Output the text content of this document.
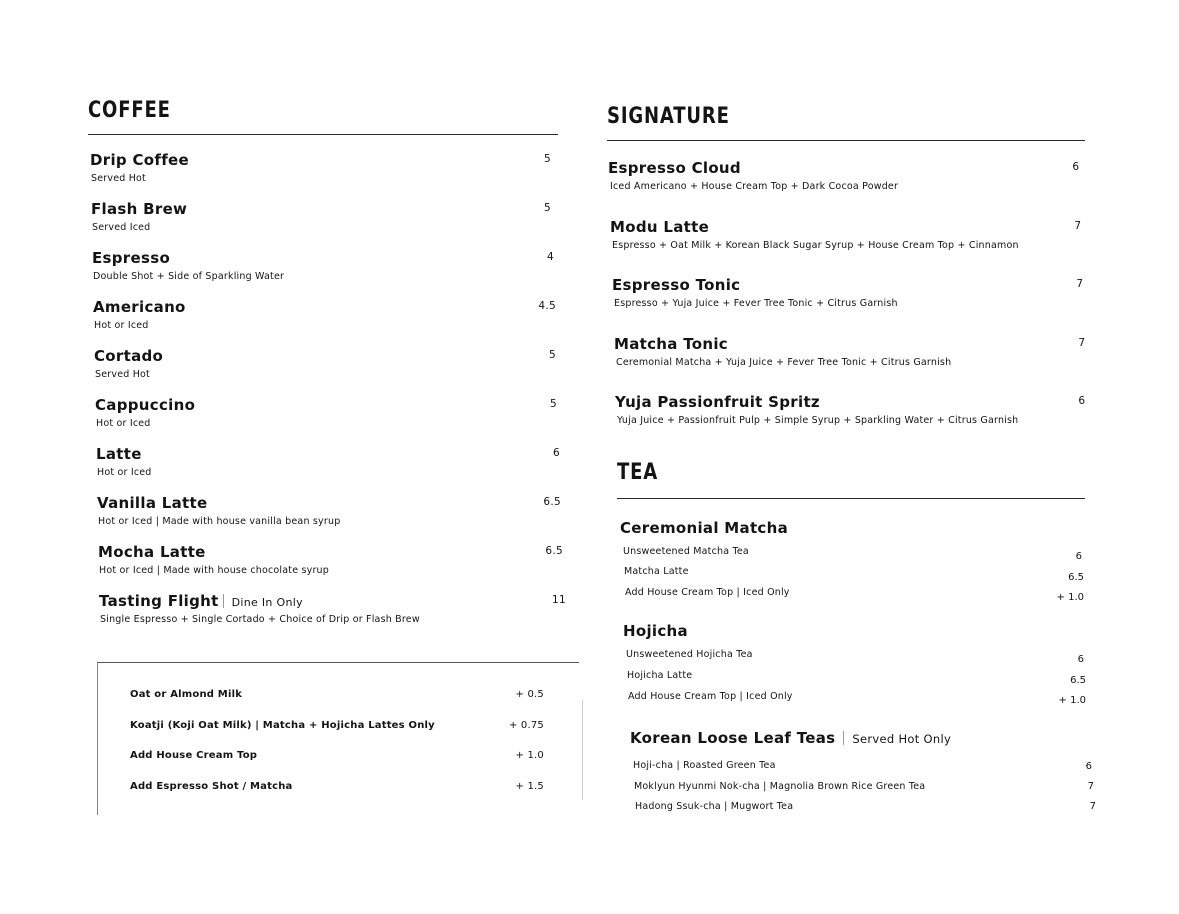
COFFEE
Drip Coffee
Served Hot
5
Flash Brew
Served Iced
5
Espresso
Double Shot + Side of Sparkling Water
4
Americano
Hot or Iced
4.5
Cortado
Served Hot
5
Cappuccino
Hot or Iced
5
Latte
Hot or Iced
6
Vanilla Latte
Hot or Iced | Made with house vanilla bean syrup
6.5
Mocha Latte
Hot or Iced | Made with house chocolate syrup
6.5
Tasting Flight Dine In Only
Single Espresso + Single Cortado + Choice of Drip or Flash Brew
11
Oat or Almond Milk	+ 0.5
Koatji (Koji Oat Milk) | Matcha + Hojicha Lattes Only	+ 0.75
Add House Cream Top	+ 1.0
Add Espresso Shot / Matcha	+ 1.5
SIGNATURE
Espresso Cloud
Iced Americano + House Cream Top + Dark Cocoa Powder
6
Modu Latte
Espresso + Oat Milk + Korean Black Sugar Syrup + House Cream Top + Cinnamon
7
Espresso Tonic
Espresso + Yuja Juice + Fever Tree Tonic + Citrus Garnish
7
Matcha Tonic
Ceremonial Matcha + Yuja Juice + Fever Tree Tonic + Citrus Garnish
7
Yuja Passionfruit Spritz
Yuja Juice + Passionfruit Pulp + Simple Syrup + Sparkling Water + Citrus Garnish
6
TEA
Ceremonial Matcha
Unsweetened Matcha Tea	6
Matcha Latte
6.5
Add House Cream Top | Iced Only	+ 1.0
Hojicha
Unsweetened Hojicha Tea	6
Hojicha Latte	6.5
Add House Cream Top | Iced Only	+ 1.0
Korean Loose Leaf Teas Served Hot Only
Hoji-cha | Roasted Green Tea	6
Moklyun Hyunmi Nok-cha | Magnolia Brown Rice Green Tea	7
Hadong Ssuk-cha | Mugwort Tea	7
